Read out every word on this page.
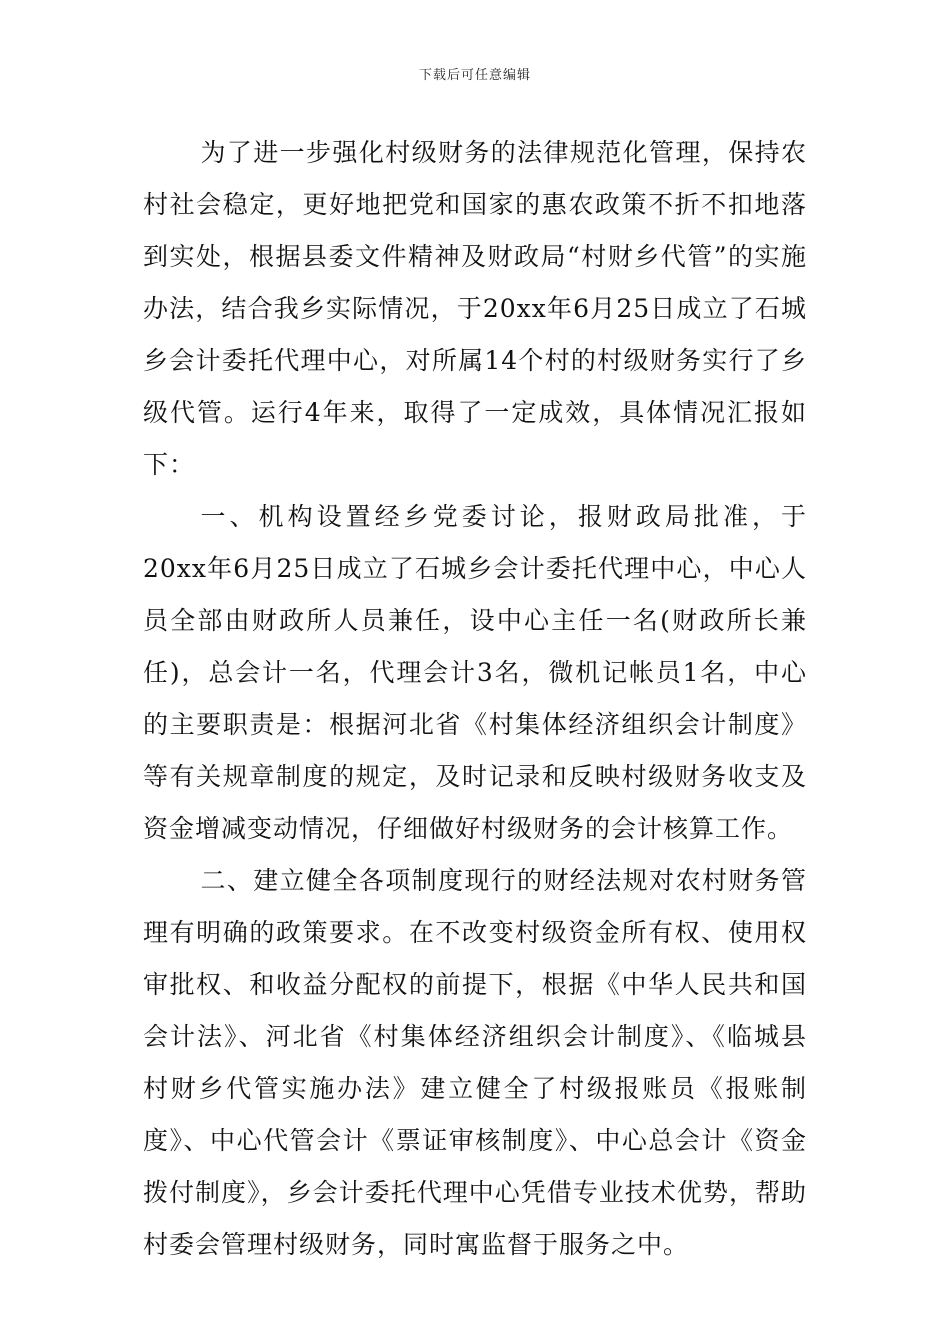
下载后可任意编辑

为了进一步强化村级财务的法律规范化管理，保持农村社会稳定，更好地把党和国家的惠农政策不折不扣地落到实处，根据县委文件精神及财政局“村财乡代管”的实施办法，结合我乡实际情况，于20xx年6月25日成立了石城乡会计委托代理中心，对所属14个村的村级财务实行了乡级代管。运行4年来，取得了一定成效，具体情况汇报如下：

一、机构设置经乡党委讨论，报财政局批准，于20xx年6月25日成立了石城乡会计委托代理中心，中心人员全部由财政所人员兼任，设中心主任一名(财政所长兼任)，总会计一名，代理会计3名，微机记帐员1名，中心的主要职责是：根据河北省《村集体经济组织会计制度》等有关规章制度的规定，及时记录和反映村级财务收支及资金增减变动情况，仔细做好村级财务的会计核算工作。

二、建立健全各项制度现行的财经法规对农村财务管理有明确的政策要求。在不改变村级资金所有权、使用权审批权、和收益分配权的前提下，根据《中华人民共和国会计法》、河北省《村集体经济组织会计制度》、《临城县村财乡代管实施办法》建立健全了村级报账员《报账制度》、中心代管会计《票证审核制度》、中心总会计《资金拨付制度》，乡会计委托代理中心凭借专业技术优势，帮助村委会管理村级财务，同时寓监督于服务之中。
